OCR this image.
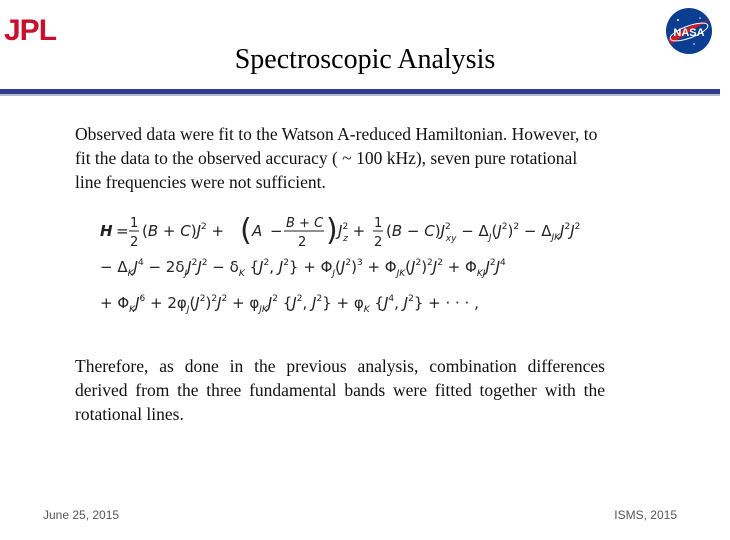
JPL	NASA
Spectroscopic Analysis
Observed data were fit to the Watson A-reduced Hamiltonian. However, to fit the data to the observed accuracy ( ~ 100 kHz), seven pure rotational line frequencies were not sufficient.
H = 1
2
$(B + C)J^2$ + ( A − B + C
2 ) $J^2$ z + 1
2
$(B - C)J^2$ xy − $\Delta_J(J^2)^2 - \Delta_{JK}J^2J^2$
− $\Delta_KJ^4 - 2\delta_JJ^2J^2 - \delta_K$ {$J^2$, $J^2\} + \Phi_J(J^2)^3 + \Phi_{JK}(J^2)^2J^2 + \Phi_{KJ}J^2J^4$
+ $\Phi_KJ^6 + 2\varphi_J(J^2)^2J^2 + \varphi_{JK}J^2$ {$J^2$, $J^2\} + \varphi_K$ {$J^4$, $J^2$} + · · · ,
Therefore, as done in the previous analysis, combination differences derived from the three fundamental bands were fitted together with the rotational lines.
June 25, 2015	ISMS, 2015
